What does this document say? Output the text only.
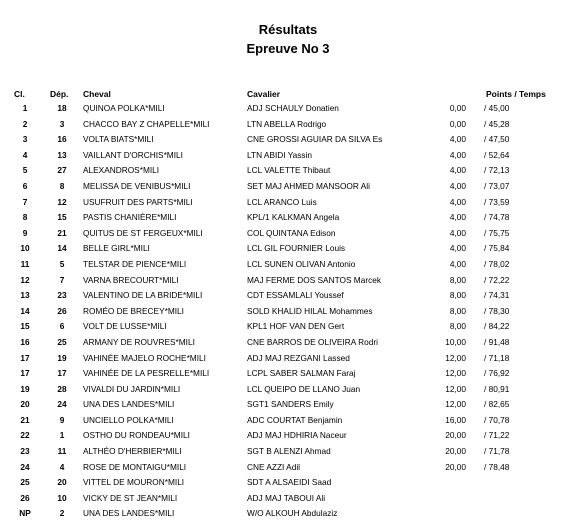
Résultats
Epreuve No 3
Cl.	Dép. Cheval	Cavalier	Points / Temps
1	18	QUINOA POLKA*MILI	ADJ SCHAULY Donatien	0,00 / 45,00
2	3	CHACCO BAY Z CHAPELLE*MILI	LTN ABELLA Rodrigo	0,00 / 45,28
3	16	VOLTA BIATS*MILI	CNE GROSSI AGUIAR DA SILVA Es	4,00 / 47,50
4	13	VAILLANT D'ORCHIS*MILI	LTN ABIDI Yassin	4,00 / 52,64
5	27	ALEXANDROS*MILI	LCL VALETTE Thibaut	4,00 / 72,13
6	8	MELISSA DE VENIBUS*MILI	SET MAJ AHMED MANSOOR Ali	4,00 / 73,07
7	12	USUFRUIT DES PARTS*MILI	LCL ARANCO Luis	4,00 / 73,59
8	15	PASTIS CHANIÈRE*MILI	KPL/1 KALKMAN Angela	4,00 / 74,78
9	21	QUITUS DE ST FERGEUX*MILI	COL QUINTANA Edison	4,00 / 75,75
10	14	BELLE GIRL*MILI	LCL GIL FOURNIER Louis	4,00 / 75,84
11	5	TELSTAR DE PIENCE*MILI	LCL SUNEN OLIVAN Antonio	4,00 / 78,02
12	7	VARNA BRECOURT*MILI	MAJ FERME DOS SANTOS Marcek	8,00 / 72,22
13	23	VALENTINO DE LA BRIDE*MILI	CDT ESSAMLALI Youssef	8,00 / 74,31
14	26	ROMÉO DE BRECEY*MILI	SOLD KHALID HILAL Mohammes	8,00 / 78,30
15	6	VOLT DE LUSSE*MILI	KPL1 HOF VAN DEN Gert	8,00 / 84,22
16	25	ARMANY DE ROUVRES*MILI	CNE BARROS DE OLIVEIRA Rodri	10,00 / 91,48
17	19	VAHINÉE MAJELO ROCHE*MILI	ADJ MAJ REZGANI Lassed	12,00 / 71,18
17	17	VAHINÉE DE LA PESRELLE*MILI	LCPL SABER SALMAN Faraj	12,00 / 76,92
19	28	VIVALDI DU JARDIN*MILI	LCL QUEIPO DE LLANO Juan	12,00 / 80,91
20	24	UNA DES LANDES*MILI	SGT1 SANDERS Emily	12,00 / 82,65
21	9	UNCIELLO POLKA*MILI	ADC COURTAT Benjamin	16,00 / 70,78
22	1	OSTHO DU RONDEAU*MILI	ADJ MAJ HDHIRIA Naceur	20,00 / 71,22
23	11	ALTHÉO D'HERBIER*MILI	SGT B ALENZI Ahmad	20,00 / 71,78
24	4	ROSE DE MONTAIGU*MILI	CNE AZZI Adil	20,00 / 78,48
25	20	VITTEL DE MOURON*MILI	SDT A ALSAEIDI Saad
26	10	VICKY DE ST JEAN*MILI	ADJ MAJ TABOUI Ali
NP	2	UNA DES LANDES*MILI	W/O ALKOUH Abdulaziz
